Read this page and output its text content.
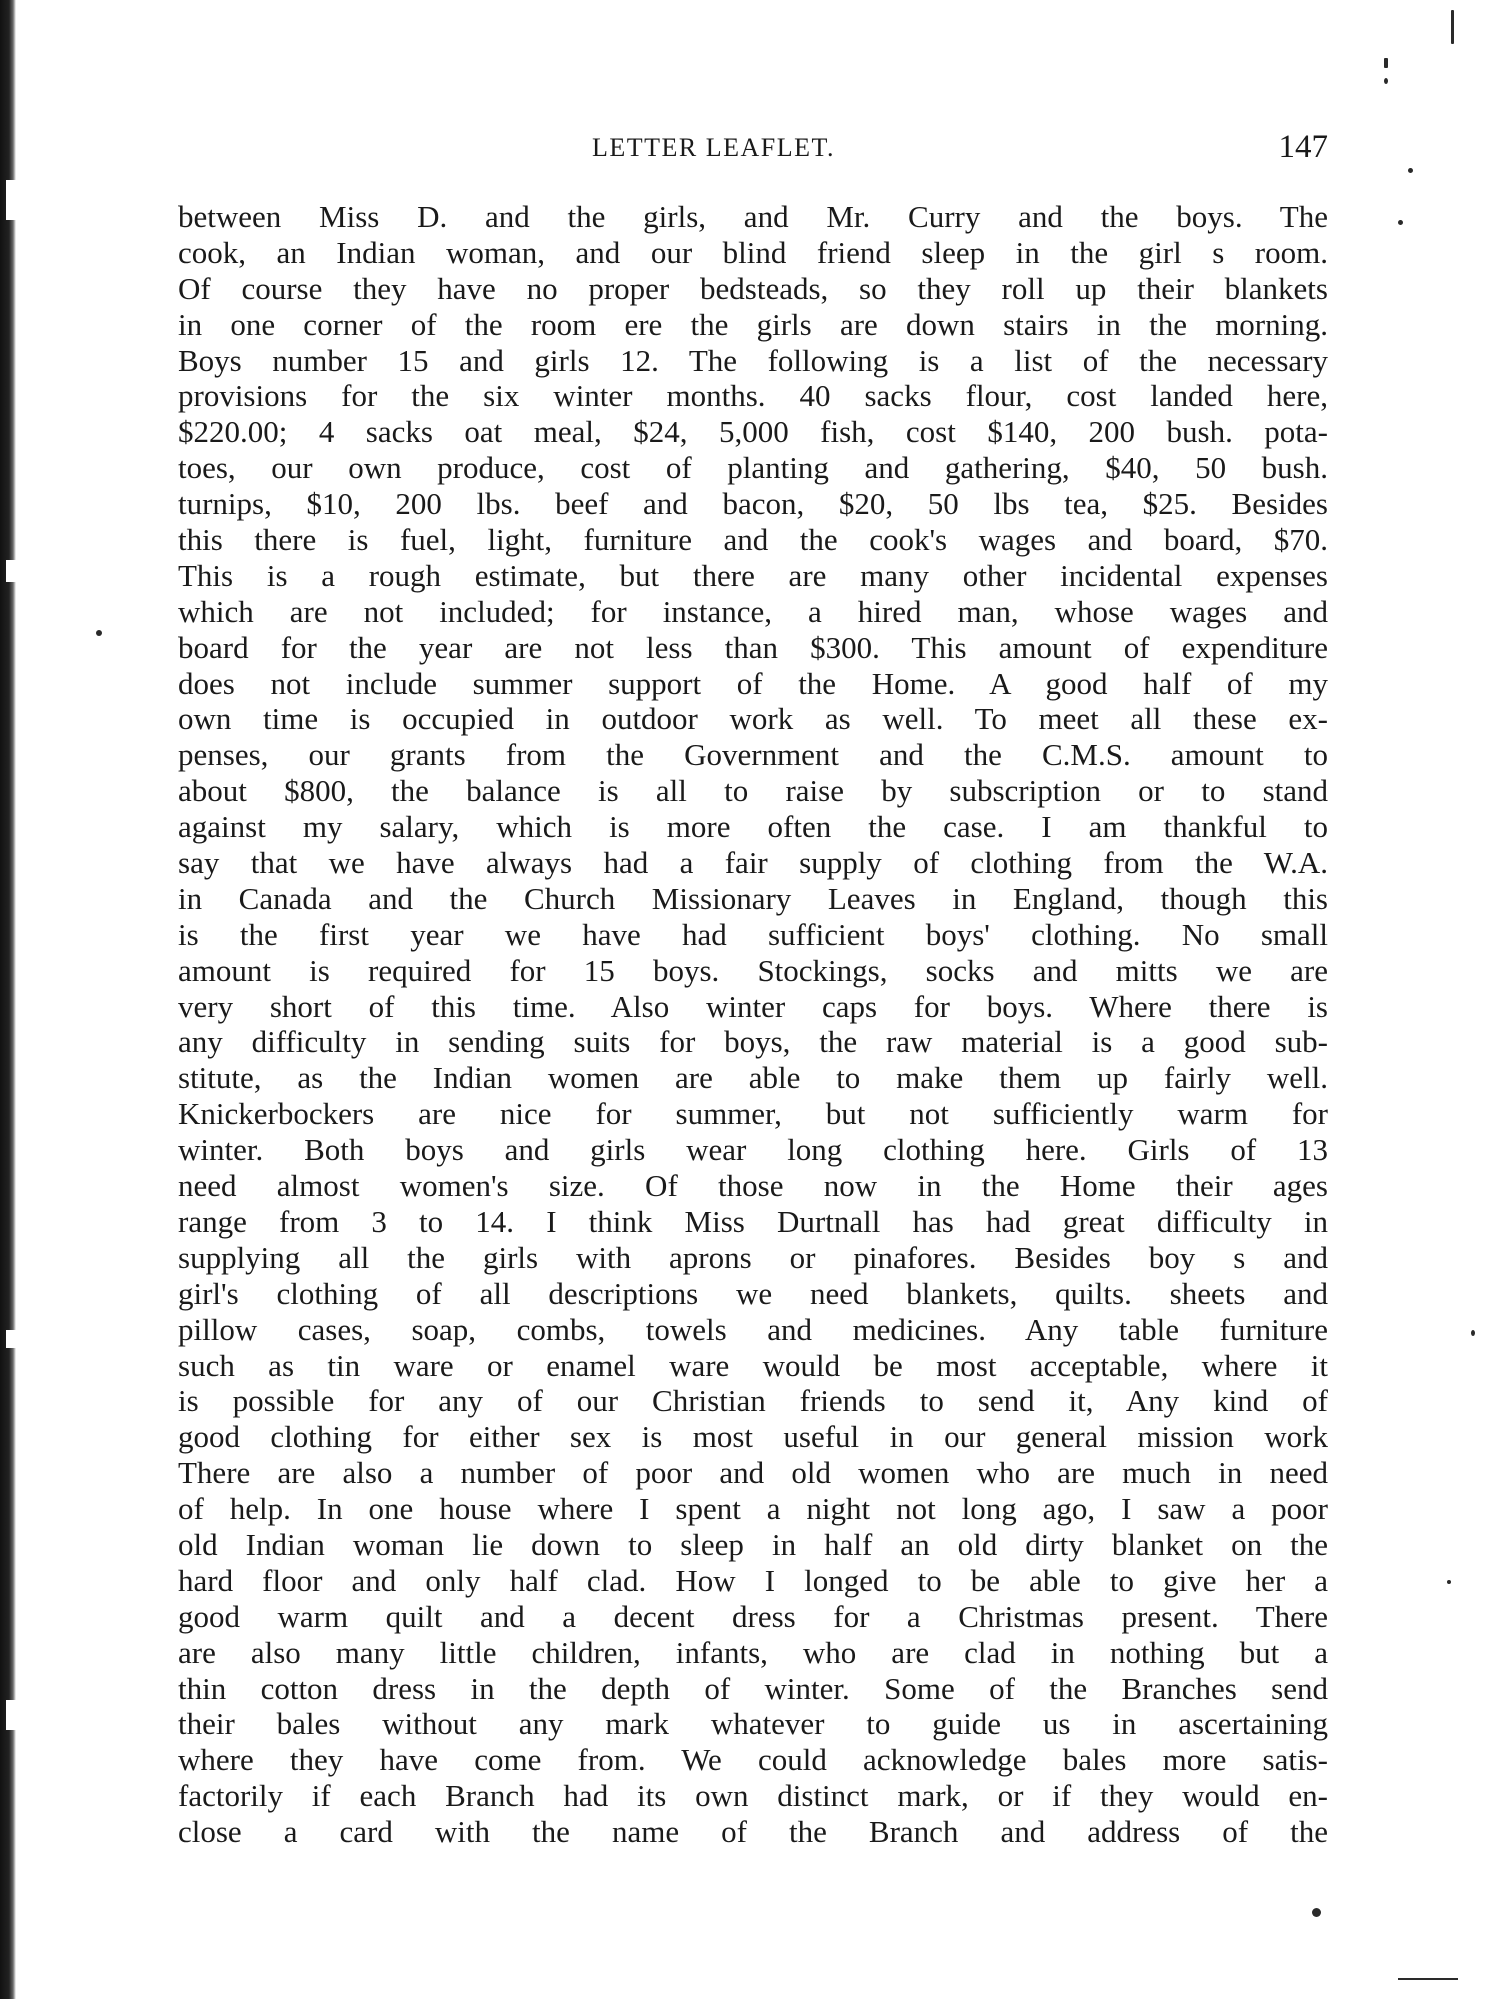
LETTER LEAFLET.	147
between Miss D. and the girls, and Mr. Curry and the boys. The
cook, an Indian woman, and our blind friend sleep in the girl s room.
Of course they have no proper bedsteads, so they roll up their blankets
in one corner of the room ere the girls are down stairs in the morning.
Boys number 15 and girls 12. The following is a list of the necessary
provisions for the six winter months. 40 sacks flour, cost landed here,
$220.00; 4 sacks oat meal, $24, 5,000 fish, cost $140, 200 bush. pota-
toes, our own produce, cost of planting and gathering, $40, 50 bush.
turnips, $10, 200 lbs. beef and bacon, $20, 50 lbs tea, $25. Besides
this there is fuel, light, furniture and the cook's wages and board, $70.
This is a rough estimate, but there are many other incidental expenses
which are not included; for instance, a hired man, whose wages and
board for the year are not less than $300. This amount of expenditure
does not include summer support of the Home. A good half of my
own time is occupied in outdoor work as well. To meet all these ex-
penses, our grants from the Government and the C.M.S. amount to
about $800, the balance is all to raise by subscription or to stand
against my salary, which is more often the case. I am thankful to
say that we have always had a fair supply of clothing from the W.A.
in Canada and the Church Missionary Leaves in England, though this
is the first year we have had sufficient boys' clothing. No small
amount is required for 15 boys. Stockings, socks and mitts we are
very short of this time. Also winter caps for boys. Where there is
any difficulty in sending suits for boys, the raw material is a good sub-
stitute, as the Indian women are able to make them up fairly well.
Knickerbockers are nice for summer, but not sufficiently warm for
winter. Both boys and girls wear long clothing here. Girls of 13
need almost women's size. Of those now in the Home their ages
range from 3 to 14. I think Miss Durtnall has had great difficulty in
supplying all the girls with aprons or pinafores. Besides boy s and
girl's clothing of all descriptions we need blankets, quilts. sheets and
pillow cases, soap, combs, towels and medicines. Any table furniture
such as tin ware or enamel ware would be most acceptable, where it
is possible for any of our Christian friends to send it, Any kind of
good clothing for either sex is most useful in our general mission work
There are also a number of poor and old women who are much in need
of help. In one house where I spent a night not long ago, I saw a poor
old Indian woman lie down to sleep in half an old dirty blanket on the
hard floor and only half clad. How I longed to be able to give her a
good warm quilt and a decent dress for a Christmas present. There
are also many little children, infants, who are clad in nothing but a
thin cotton dress in the depth of winter. Some of the Branches send
their bales without any mark whatever to guide us in ascertaining
where they have come from. We could acknowledge bales more satis-
factorily if each Branch had its own distinct mark, or if they would en-
close a card with the name of the Branch and address of the
